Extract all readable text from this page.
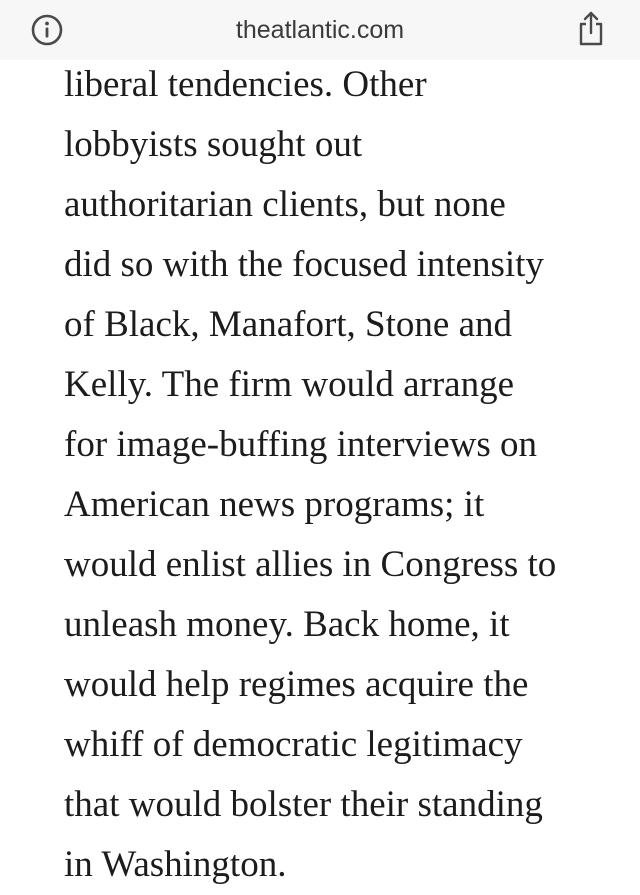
theatlantic.com
liberal tendencies. Other
lobbyists sought out
authoritarian clients, but none
did so with the focused intensity
of Black, Manafort, Stone and
Kelly. The firm would arrange
for image-buffing interviews on
American news programs; it
would enlist allies in Congress to
unleash money. Back home, it
would help regimes acquire the
whiff of democratic legitimacy
that would bolster their standing
in Washington.
